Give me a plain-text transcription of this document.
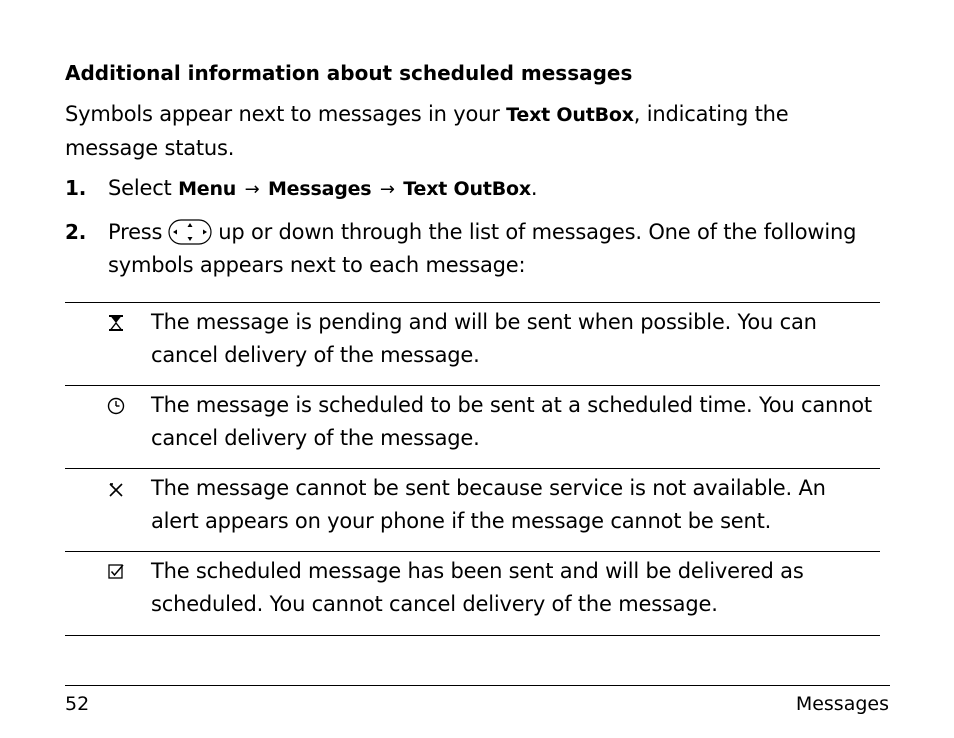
Additional information about scheduled messages
Symbols appear next to messages in your Text OutBox, indicating the message status.
1. Select Menu → Messages → Text OutBox.
2. Press	up or down through the list of messages. One of the following symbols appears next to each message:
The message is pending and will be sent when possible. You can cancel delivery of the message.
The message is scheduled to be sent at a scheduled time. You cannot cancel delivery of the message.
The message cannot be sent because service is not available. An alert appears on your phone if the message cannot be sent.
The scheduled message has been sent and will be delivered as scheduled. You cannot cancel delivery of the message.
52	Messages
